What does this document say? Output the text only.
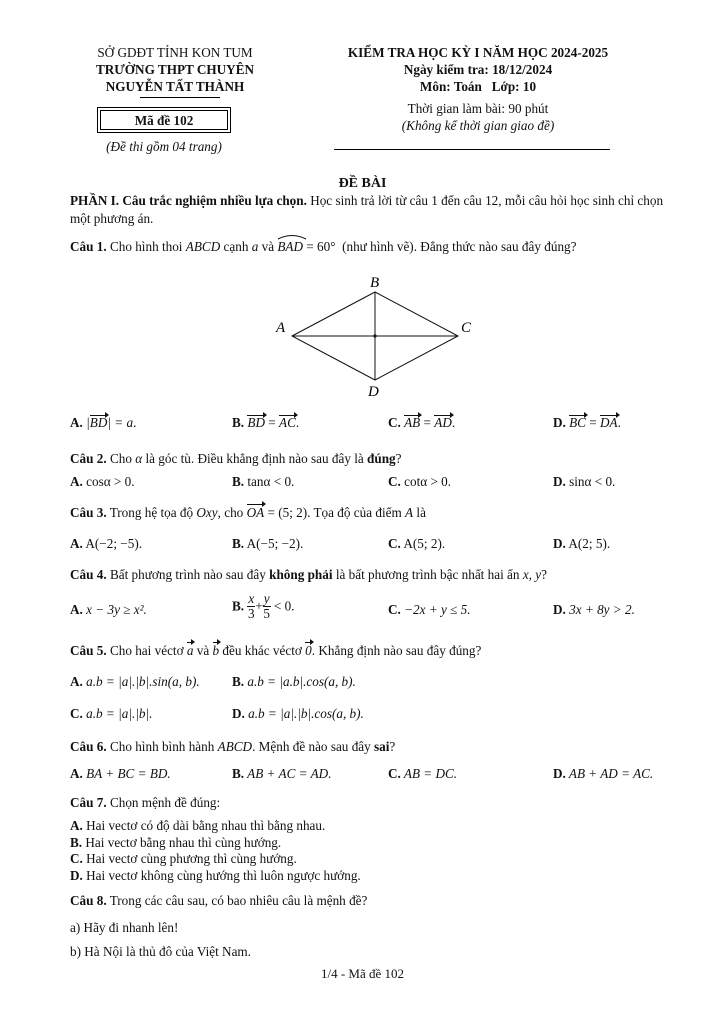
SỞ GDĐT TỈNH KON TUM
TRƯỜNG THPT CHUYÊN
NGUYỄN TẤT THÀNH
Mã đề 102
(Đề thi gồm 04 trang)
KIỂM TRA HỌC KỲ I NĂM HỌC 2024-2025
Ngày kiểm tra: 18/12/2024
Môn: Toán   Lớp: 10
Thời gian làm bài: 90 phút
(Không kể thời gian giao đề)
ĐỀ BÀI
PHẦN I. Câu trắc nghiệm nhiều lựa chọn. Học sinh trả lời từ câu 1 đến câu 12, mỗi câu hỏi học sinh chỉ chọn một phương án.
Câu 1. Cho hình thoi ABCD cạnh a và BAD
= 60°  (như hình vẽ). Đẳng thức nào sau đây đúng?
B
A	C
D
A. |BD| = a.	B. BD = AC.	C. AB = AD.	D. BC = DA.
Câu 2. Cho α là góc tù. Điều khẳng định nào sau đây là đúng?
A. cosα > 0.	B. tanα < 0.	C. cotα > 0.	D. sinα < 0.
Câu 3. Trong hệ tọa độ Oxy, cho OA = (5; 2). Tọa độ của điểm A là
A. A(−2; −5).	B. A(−5; −2).	C. A(5; 2).	D. A(2; 5).
Câu 4. Bất phương trình nào sau đây không phải là bất phương trình bậc nhất hai ẩn x, y?
A. x − 3y ≥ x².	B. $\frac{x}{3} + \frac{y}{5} < 0$.	C. −2x + y ≤ 5.	D. 3x + 8y > 2.
Câu 5. Cho hai véctơ a và b đều khác véctơ 0. Khẳng định nào sau đây đúng?
A. a.b = |a|.|b|.sin(a, b). B. a.b = |a.b|.cos(a, b).
C. a.b = |a|.|b|.	D. a.b = |a|.|b|.cos(a, b).
Câu 6. Cho hình bình hành ABCD. Mệnh đề nào sau đây sai?
A. BA + BC = BD.	B. AB + AC = AD.	C. AB = DC.	D. AB + AD = AC.
Câu 7. Chọn mệnh đề đúng:
A. Hai vectơ có độ dài bằng nhau thì bằng nhau.
B. Hai vectơ bằng nhau thì cùng hướng.
C. Hai vectơ cùng phương thì cùng hướng.
D. Hai vectơ không cùng hướng thì luôn ngược hướng.
Câu 8. Trong các câu sau, có bao nhiêu câu là mệnh đề?
a) Hãy đi nhanh lên!
b) Hà Nội là thủ đô của Việt Nam.
1/4 - Mã đề 102
